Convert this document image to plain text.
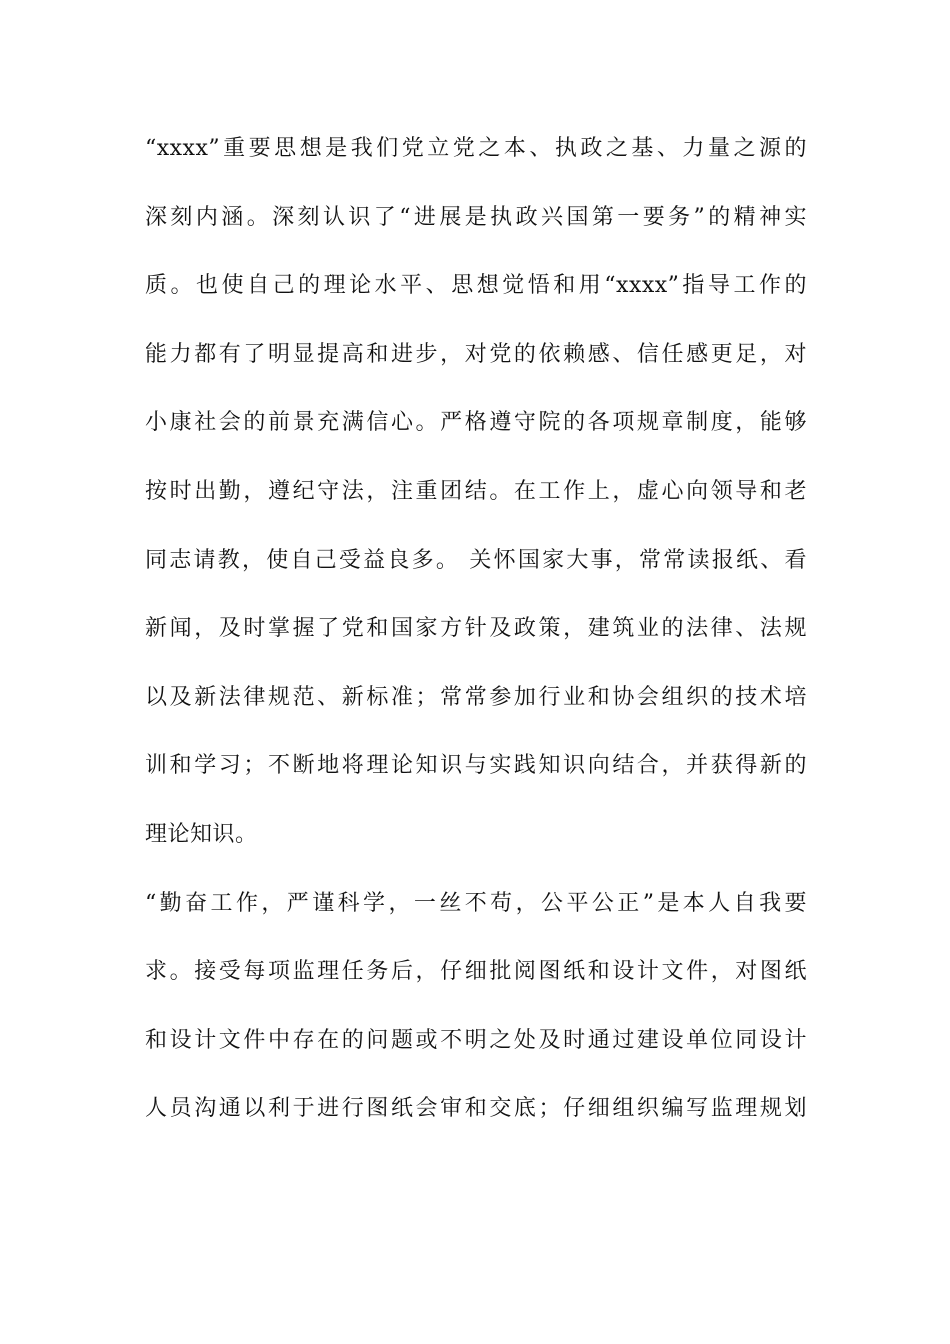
“xxxx”重要思想是我们党立党之本、执政之基、力量之源的
深刻内涵。深刻认识了“进展是执政兴国第一要务”的精神实
质。也使自己的理论水平、思想觉悟和用“xxxx”指导工作的
能力都有了明显提高和进步，对党的依赖感、信任感更足，对
小康社会的前景充满信心。严格遵守院的各项规章制度，能够
按时出勤，遵纪守法，注重团结。在工作上，虚心向领导和老
同志请教，使自己受益良多。 关怀国家大事，常常读报纸、看
新闻，及时掌握了党和国家方针及政策，建筑业的法律、法规
以及新法律规范、新标准；常常参加行业和协会组织的技术培
训和学习；不断地将理论知识与实践知识向结合，并获得新的
理论知识。
“勤奋工作，严谨科学，一丝不苟，公平公正”是本人自我要
求。接受每项监理任务后，仔细批阅图纸和设计文件，对图纸
和设计文件中存在的问题或不明之处及时通过建设单位同设计
人员沟通以利于进行图纸会审和交底；仔细组织编写监理规划
